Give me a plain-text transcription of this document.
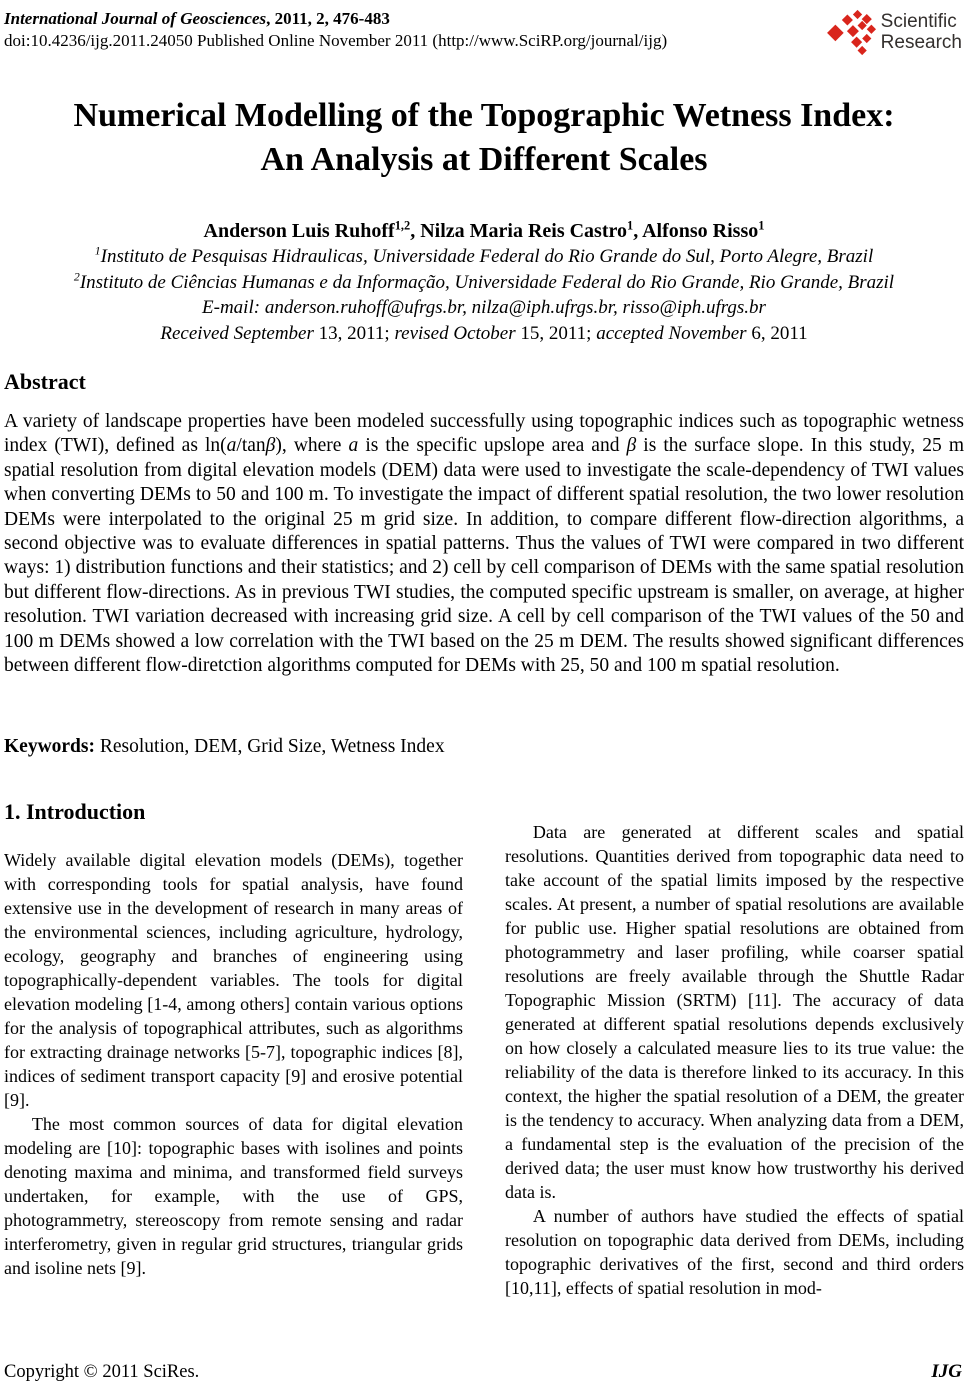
International Journal of Geosciences, 2011, 2, 476-483
doi:10.4236/ijg.2011.24050 Published Online November 2011 (http://www.SciRP.org/journal/ijg)
Scientific
Research
Numerical Modelling of the Topographic Wetness Index:
An Analysis at Different Scales
Anderson Luis Ruhoff$^{1,2}$, Nilza Maria Reis Castro$^1$, Alfonso Risso$^1$
$^1$Instituto de Pesquisas Hidraulicas, Universidade Federal do Rio Grande do Sul, Porto Alegre, Brazil
$^2$Instituto de Ciências Humanas e da Informação, Universidade Federal do Rio Grande, Rio Grande, Brazil
E-mail: anderson.ruhoff@ufrgs.br, nilza@iph.ufrgs.br, risso@iph.ufrgs.br
Received September 13, 2011; revised October 15, 2011; accepted November 6, 2011
Abstract

A variety of landscape properties have been modeled successfully using topographic indices such as topographic wetness index (TWI), defined as ln(a/tanβ), where a is the specific upslope area and β is the surface slope. In this study, 25 m spatial resolution from digital elevation models (DEM) data were used to investigate the scale-dependency of TWI values when converting DEMs to 50 and 100 m. To investigate the impact of different spatial resolution, the two lower resolution DEMs were interpolated to the original 25 m grid size. In addition, to compare different flow-direction algorithms, a second objective was to evaluate differences in spatial patterns. Thus the values of TWI were compared in two different ways: 1) distribution functions and their statistics; and 2) cell by cell comparison of DEMs with the same spatial resolution but different flow-directions. As in previous TWI studies, the computed specific upstream is smaller, on average, at higher resolution. TWI variation decreased with increasing grid size. A cell by cell comparison of the TWI values of the 50 and 100 m DEMs showed a low correlation with the TWI based on the 25 m DEM. The results showed significant differences between different flow-diretction algorithms computed for DEMs with 25, 50 and 100 m spatial resolution.

Keywords: Resolution, DEM, Grid Size, Wetness Index

1. Introduction

Widely available digital elevation models (DEMs), together with corresponding tools for spatial analysis, have found extensive use in the development of research in many areas of the environmental sciences, including agriculture, hydrology, ecology, geography and branches of engineering using topographically-dependent variables. The tools for digital elevation modeling [1-4, among others] contain various options for the analysis of topographical attributes, such as algorithms for extracting drainage networks [5-7], topographic indices [8], indices of sediment transport capacity [9] and erosive potential [9].

The most common sources of data for digital elevation modeling are [10]: topographic bases with isolines and points denoting maxima and minima, and transformed field surveys undertaken, for example, with the use of GPS, photogrammetry, stereoscopy from remote sensing and radar interferometry, given in regular grid structures, triangular grids and isoline nets [9].

Data are generated at different scales and spatial resolutions. Quantities derived from topographic data need to take account of the spatial limits imposed by the respective scales. At present, a number of spatial resolutions are available for public use. Higher spatial resolutions are obtained from photogrammetry and laser profiling, while coarser spatial resolutions are freely available through the Shuttle Radar Topographic Mission (SRTM) [11]. The accuracy of data generated at different spatial resolutions depends exclusively on how closely a calculated measure lies to its true value: the reliability of the data is therefore linked to its accuracy. In this context, the higher the spatial resolution of a DEM, the greater is the tendency to accuracy. When analyzing data from a DEM, a fundamental step is the evaluation of the precision of the derived data; the user must know how trustworthy his derived data is.

A number of authors have studied the effects of spatial resolution on topographic data derived from DEMs, including topographic derivatives of the first, second and third orders [10,11], effects of spatial resolution in mod-

Copyright © 2011 SciRes.	IJG
